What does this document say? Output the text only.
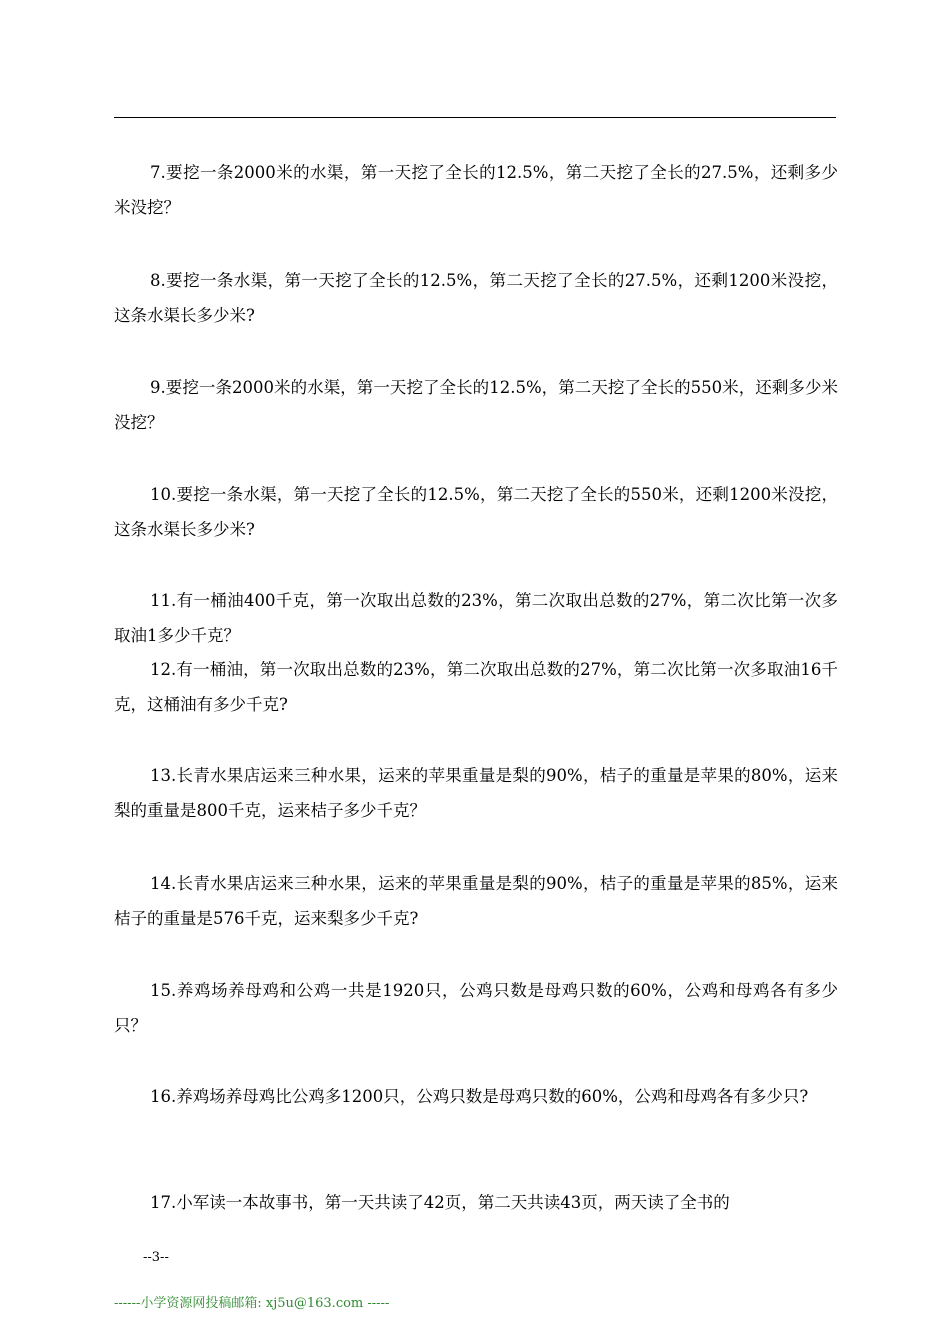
7.要挖一条2000米的水渠，第一天挖了全长的12.5%，第二天挖了全长的27.5%，还剩多少米没挖？

8.要挖一条水渠，第一天挖了全长的12.5%，第二天挖了全长的27.5%，还剩1200米没挖，这条水渠长多少米?

9.要挖一条2000米的水渠，第一天挖了全长的12.5%，第二天挖了全长的550米，还剩多少米没挖？

10.要挖一条水渠，第一天挖了全长的12.5%，第二天挖了全长的550米，还剩1200米没挖，这条水渠长多少米?

11.有一桶油400千克，第一次取出总数的23%，第二次取出总数的27%，第二次比第一次多取油1多少千克？

12.有一桶油，第一次取出总数的23%，第二次取出总数的27%，第二次比第一次多取油16千克，这桶油有多少千克?

13.长青水果店运来三种水果，运来的苹果重量是梨的90%，桔子的重量是苹果的80%，运来梨的重量是800千克，运来桔子多少千克？

14.长青水果店运来三种水果，运来的苹果重量是梨的90%，桔子的重量是苹果的85%，运来桔子的重量是576千克，运来梨多少千克?

15.养鸡场养母鸡和公鸡一共是1920只，公鸡只数是母鸡只数的60%，公鸡和母鸡各有多少只？

16.养鸡场养母鸡比公鸡多1200只，公鸡只数是母鸡只数的60%，公鸡和母鸡各有多少只?

17.小军读一本故事书，第一天共读了42页，第二天共读43页，两天读了全书的

--3--
------小学资源网投稿邮箱: xj5u@163.com -----
